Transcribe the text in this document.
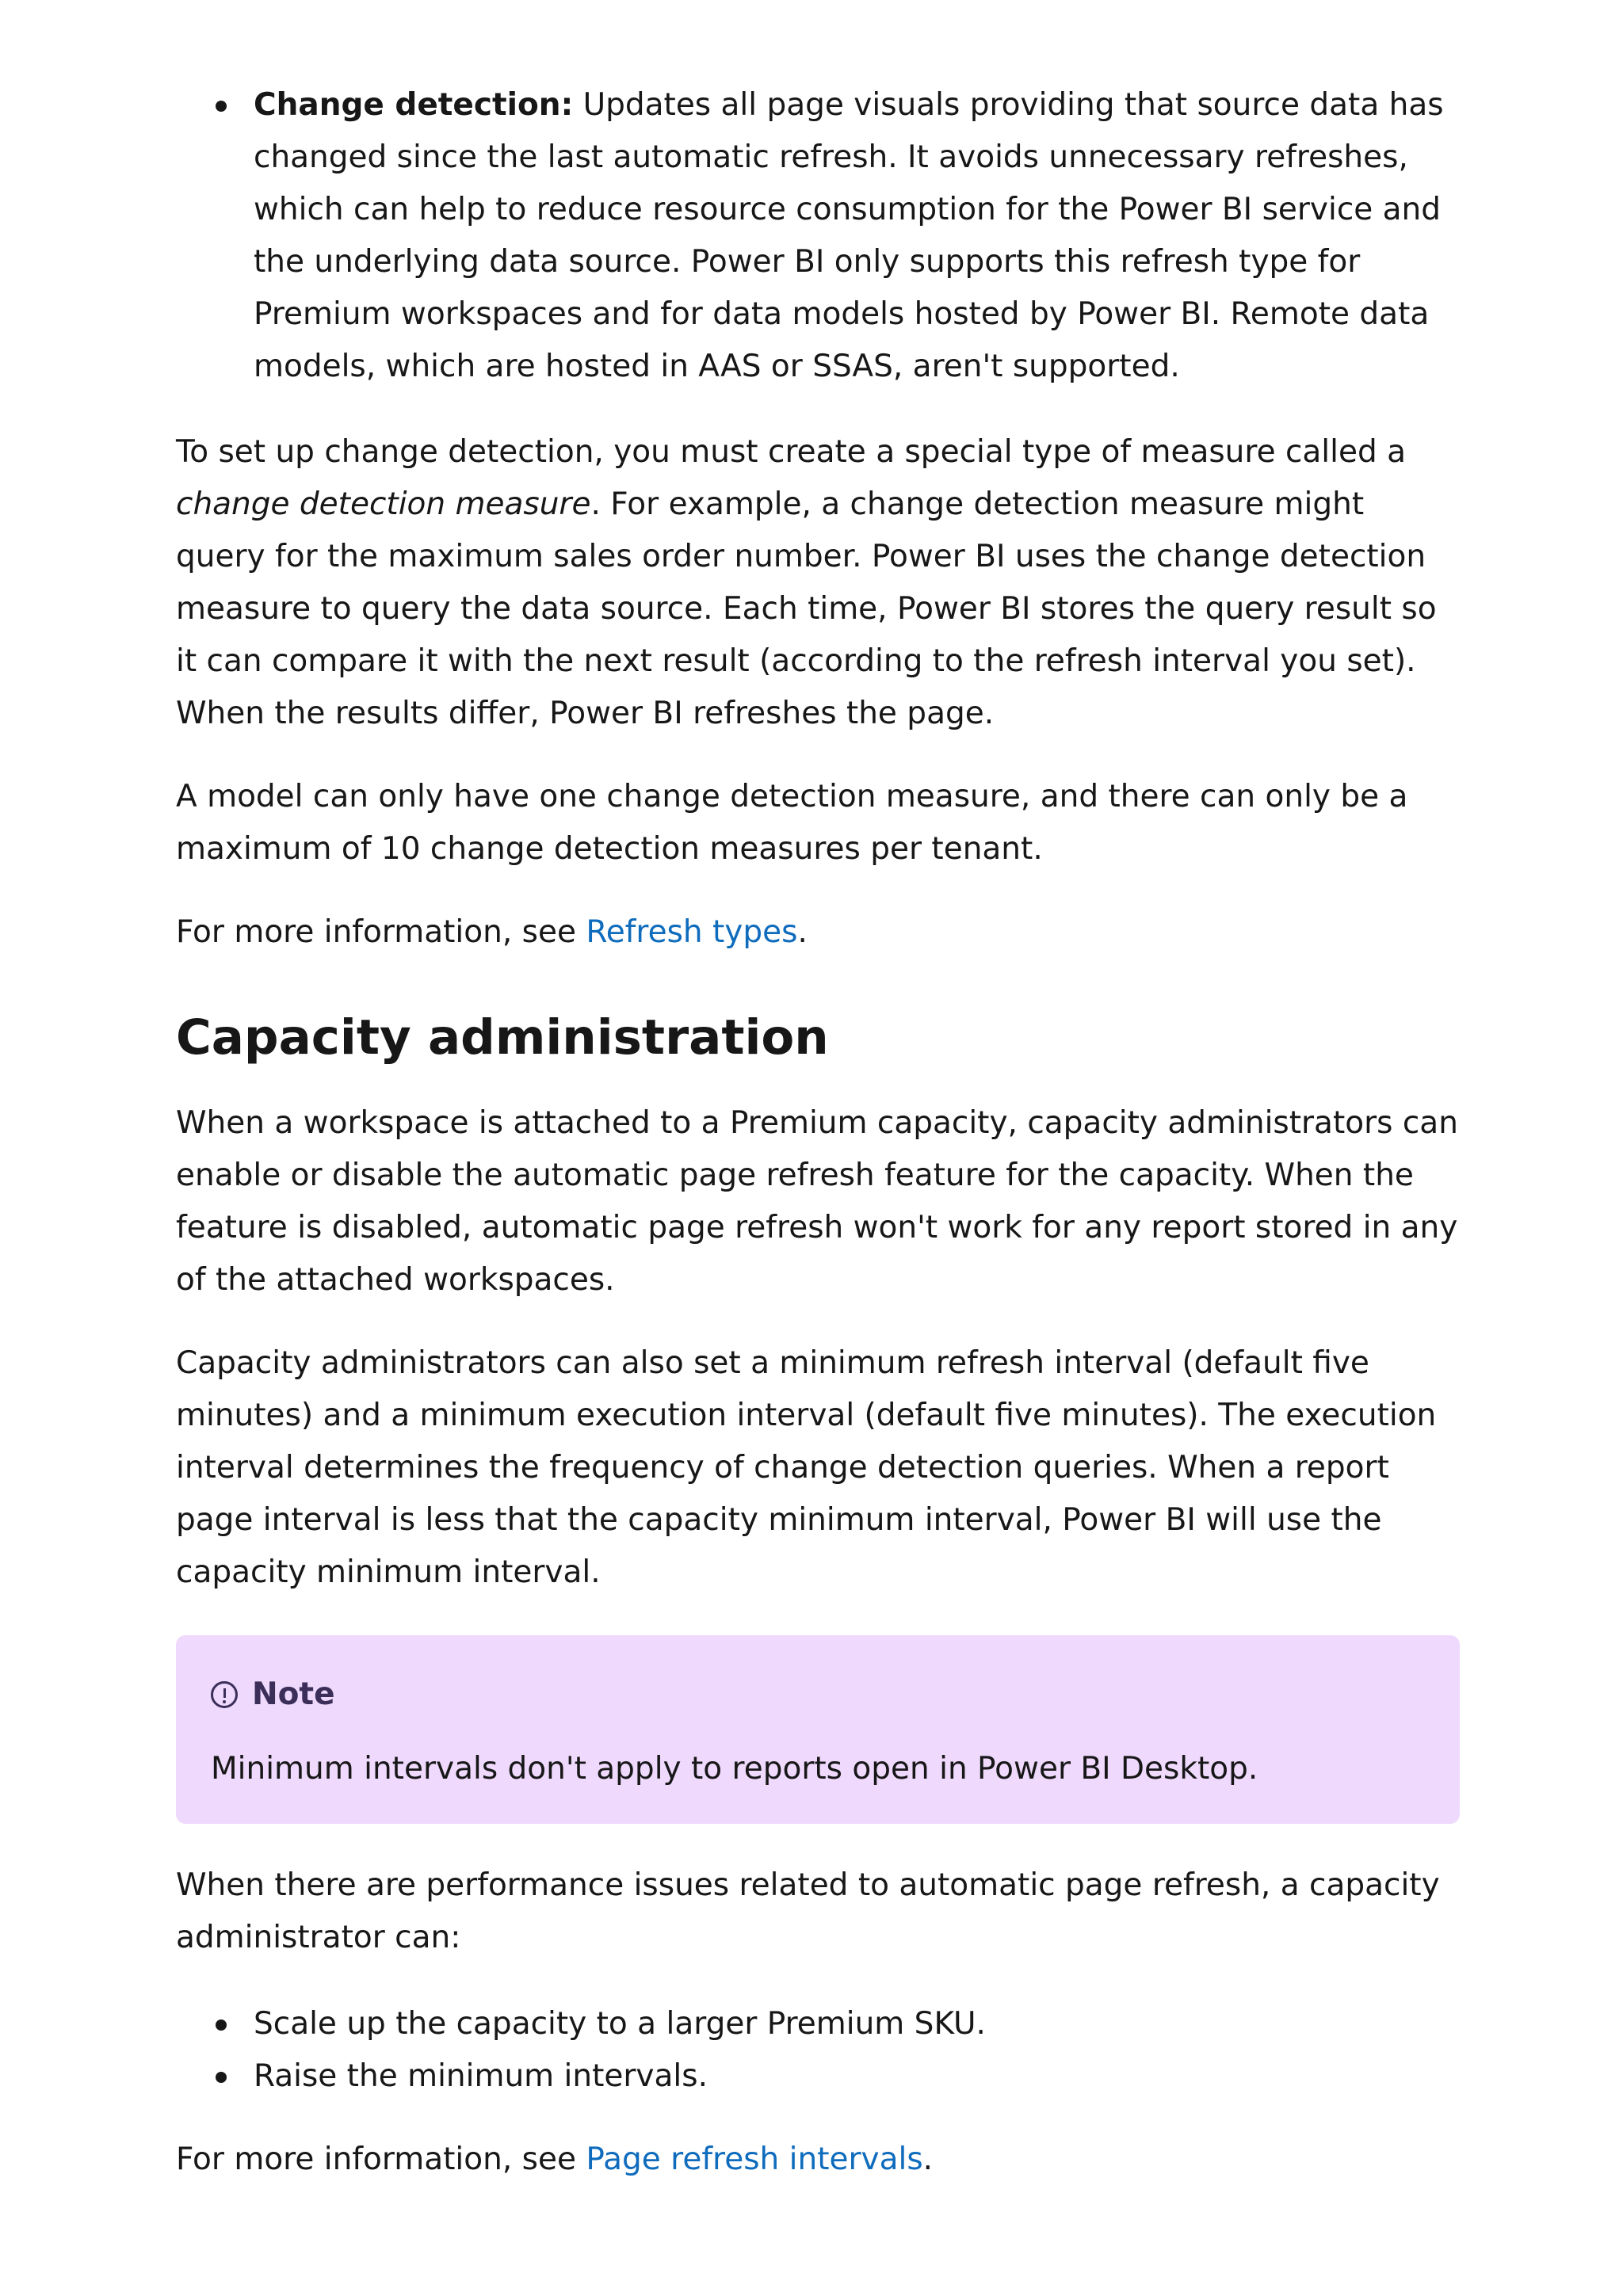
Change detection: Updates all page visuals providing that source data has changed since the last automatic refresh. It avoids unnecessary refreshes, which can help to reduce resource consumption for the Power BI service and the underlying data source. Power BI only supports this refresh type for Premium workspaces and for data models hosted by Power BI. Remote data models, which are hosted in AAS or SSAS, aren't supported.

To set up change detection, you must create a special type of measure called a change detection measure. For example, a change detection measure might query for the maximum sales order number. Power BI uses the change detection measure to query the data source. Each time, Power BI stores the query result so it can compare it with the next result (according to the refresh interval you set). When the results differ, Power BI refreshes the page.

A model can only have one change detection measure, and there can only be a maximum of 10 change detection measures per tenant.

For more information, see Refresh types.

Capacity administration

When a workspace is attached to a Premium capacity, capacity administrators can enable or disable the automatic page refresh feature for the capacity. When the feature is disabled, automatic page refresh won't work for any report stored in any of the attached workspaces.

Capacity administrators can also set a minimum refresh interval (default five minutes) and a minimum execution interval (default five minutes). The execution interval determines the frequency of change detection queries. When a report page interval is less that the capacity minimum interval, Power BI will use the capacity minimum interval.

Note

Minimum intervals don't apply to reports open in Power BI Desktop.

When there are performance issues related to automatic page refresh, a capacity administrator can:

Scale up the capacity to a larger Premium SKU.
Raise the minimum intervals.

For more information, see Page refresh intervals.
